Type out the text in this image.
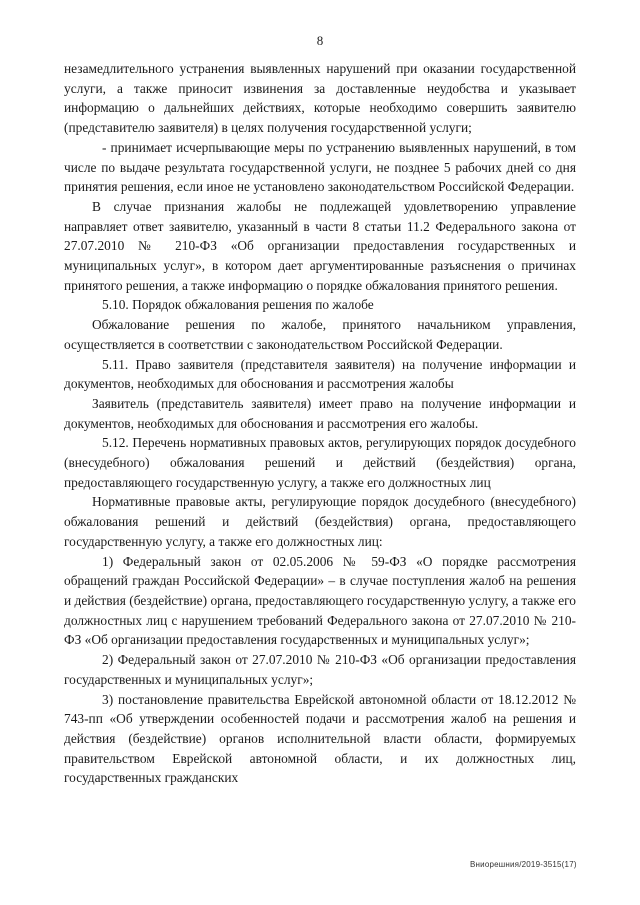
8

незамедлительного устранения выявленных нарушений при оказании государственной услуги, а также приносит извинения за доставленные неудобства и указывает информацию о дальнейших действиях, которые необходимо совершить заявителю (представителю заявителя) в целях получения государственной услуги;

- принимает исчерпывающие меры по устранению выявленных нарушений, в том числе по выдаче результата государственной услуги, не позднее 5 рабочих дней со дня принятия решения, если иное не установлено законодательством Российской Федерации.

В случае признания жалобы не подлежащей удовлетворению управление направляет ответ заявителю, указанный в части 8 статьи 11.2 Федерального закона от 27.07.2010 № 210-ФЗ «Об организации предоставления государственных и муниципальных услуг», в котором дает аргументированные разъяснения о причинах принятого решения, а также информацию о порядке обжалования принятого решения.

5.10. Порядок обжалования решения по жалобе

Обжалование решения по жалобе, принятого начальником управления, осуществляется в соответствии с законодательством Российской Федерации.

5.11. Право заявителя (представителя заявителя) на получение информации и документов, необходимых для обоснования и рассмотрения жалобы

Заявитель (представитель заявителя) имеет право на получение информации и документов, необходимых для обоснования и рассмотрения его жалобы.

5.12. Перечень нормативных правовых актов, регулирующих порядок досудебного (внесудебного) обжалования решений и действий (бездействия) органа, предоставляющего государственную услугу, а также его должностных лиц

Нормативные правовые акты, регулирующие порядок досудебного (внесудебного) обжалования решений и действий (бездействия) органа, предоставляющего государственную услугу, а также его должностных лиц:

1) Федеральный закон от 02.05.2006 № 59-ФЗ «О порядке рассмотрения обращений граждан Российской Федерации» – в случае поступления жалоб на решения и действия (бездействие) органа, предоставляющего государственную услугу, а также его должностных лиц с нарушением требований Федерального закона от 27.07.2010 № 210-ФЗ «Об организации предоставления государственных и муниципальных услуг»;

2) Федеральный закон от 27.07.2010 № 210-ФЗ «Об организации предоставления государственных и муниципальных услуг»;

3) постановление правительства Еврейской автономной области от 18.12.2012 № 743-пп «Об утверждении особенностей подачи и рассмотрения жалоб на решения и действия (бездействие) органов исполнительной власти области, формируемых правительством Еврейской автономной области, и их должностных лиц, государственных гражданских

Вниорешния/2019-3515(17)
